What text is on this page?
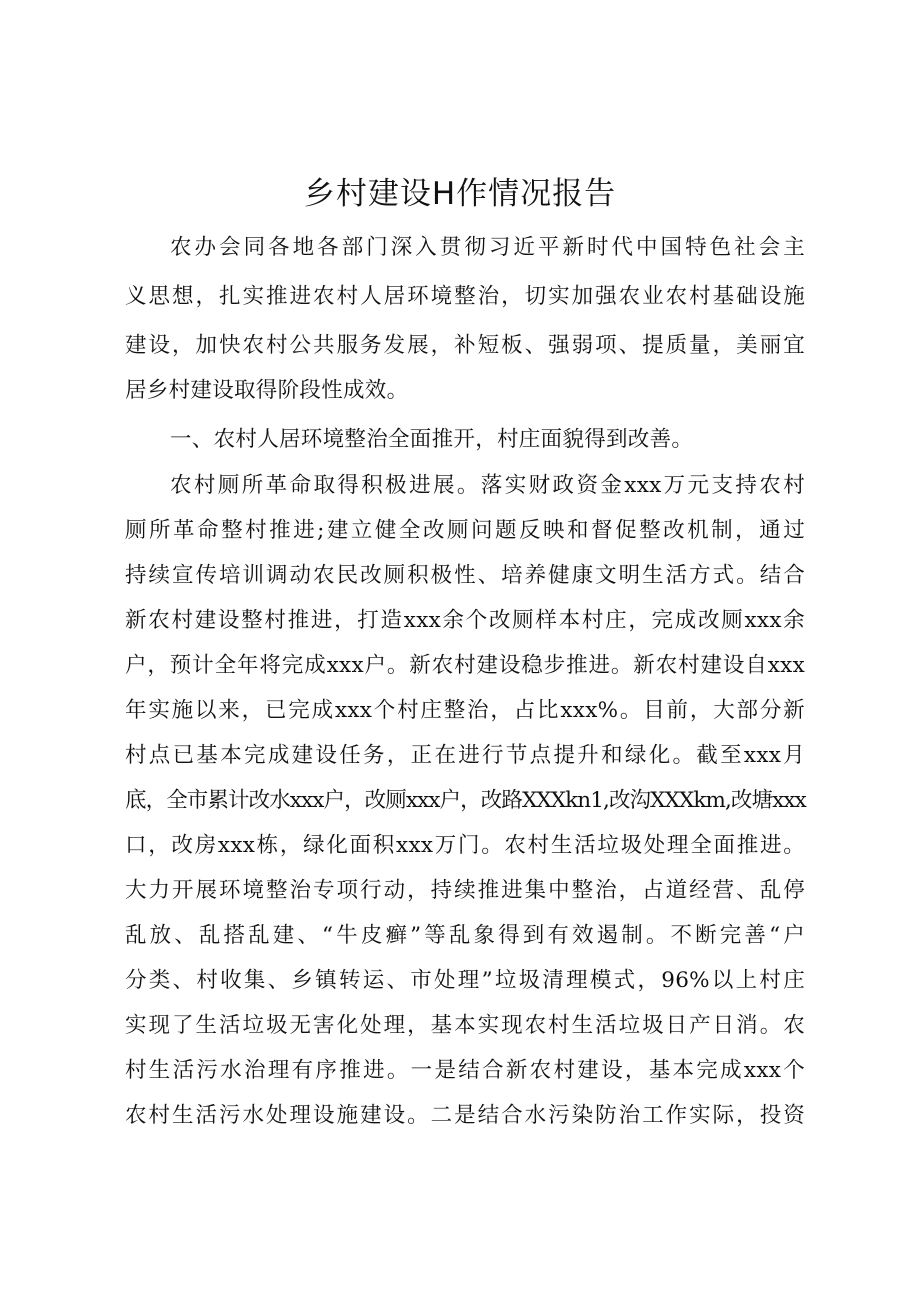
乡村建设H作情况报告
农办会同各地各部门深入贯彻习近平新时代中国特色社会主
义思想，扎实推进农村人居环境整治，切实加强农业农村基础设施
建设，加快农村公共服务发展，补短板、强弱项、提质量，美丽宜
居乡村建设取得阶段性成效。
一、农村人居环境整治全面推开，村庄面貌得到改善。
农村厕所革命取得积极进展。落实财政资金xxx万元支持农村
厕所革命整村推进;建立健全改厕问题反映和督促整改机制，通过
持续宣传培训调动农民改厕积极性、培养健康文明生活方式。结合
新农村建设整村推进，打造xxx余个改厕样本村庄，完成改厕xxx余
户，预计全年将完成xxx户。新农村建设稳步推进。新农村建设自xxx
年实施以来，已完成xxx个村庄整治，占比xxx%。目前，大部分新
村点已基本完成建设任务，正在进行节点提升和绿化。截至xxx月
底，全市累计改水xxx户，改厕xxx户，改路XXXkn1,改沟XXXkm,改塘xxx
口，改房xxx栋，绿化面积xxx万门。农村生活垃圾处理全面推进。
大力开展环境整治专项行动，持续推进集中整治，占道经营、乱停
乱放、乱搭乱建、“牛皮癣”等乱象得到有效遏制。不断完善“户
分类、村收集、乡镇转运、市处理”垃圾清理模式，96%以上村庄
实现了生活垃圾无害化处理，基本实现农村生活垃圾日产日消。农
村生活污水治理有序推进。一是结合新农村建设，基本完成xxx个
农村生活污水处理设施建设。二是结合水污染防治工作实际，投资
